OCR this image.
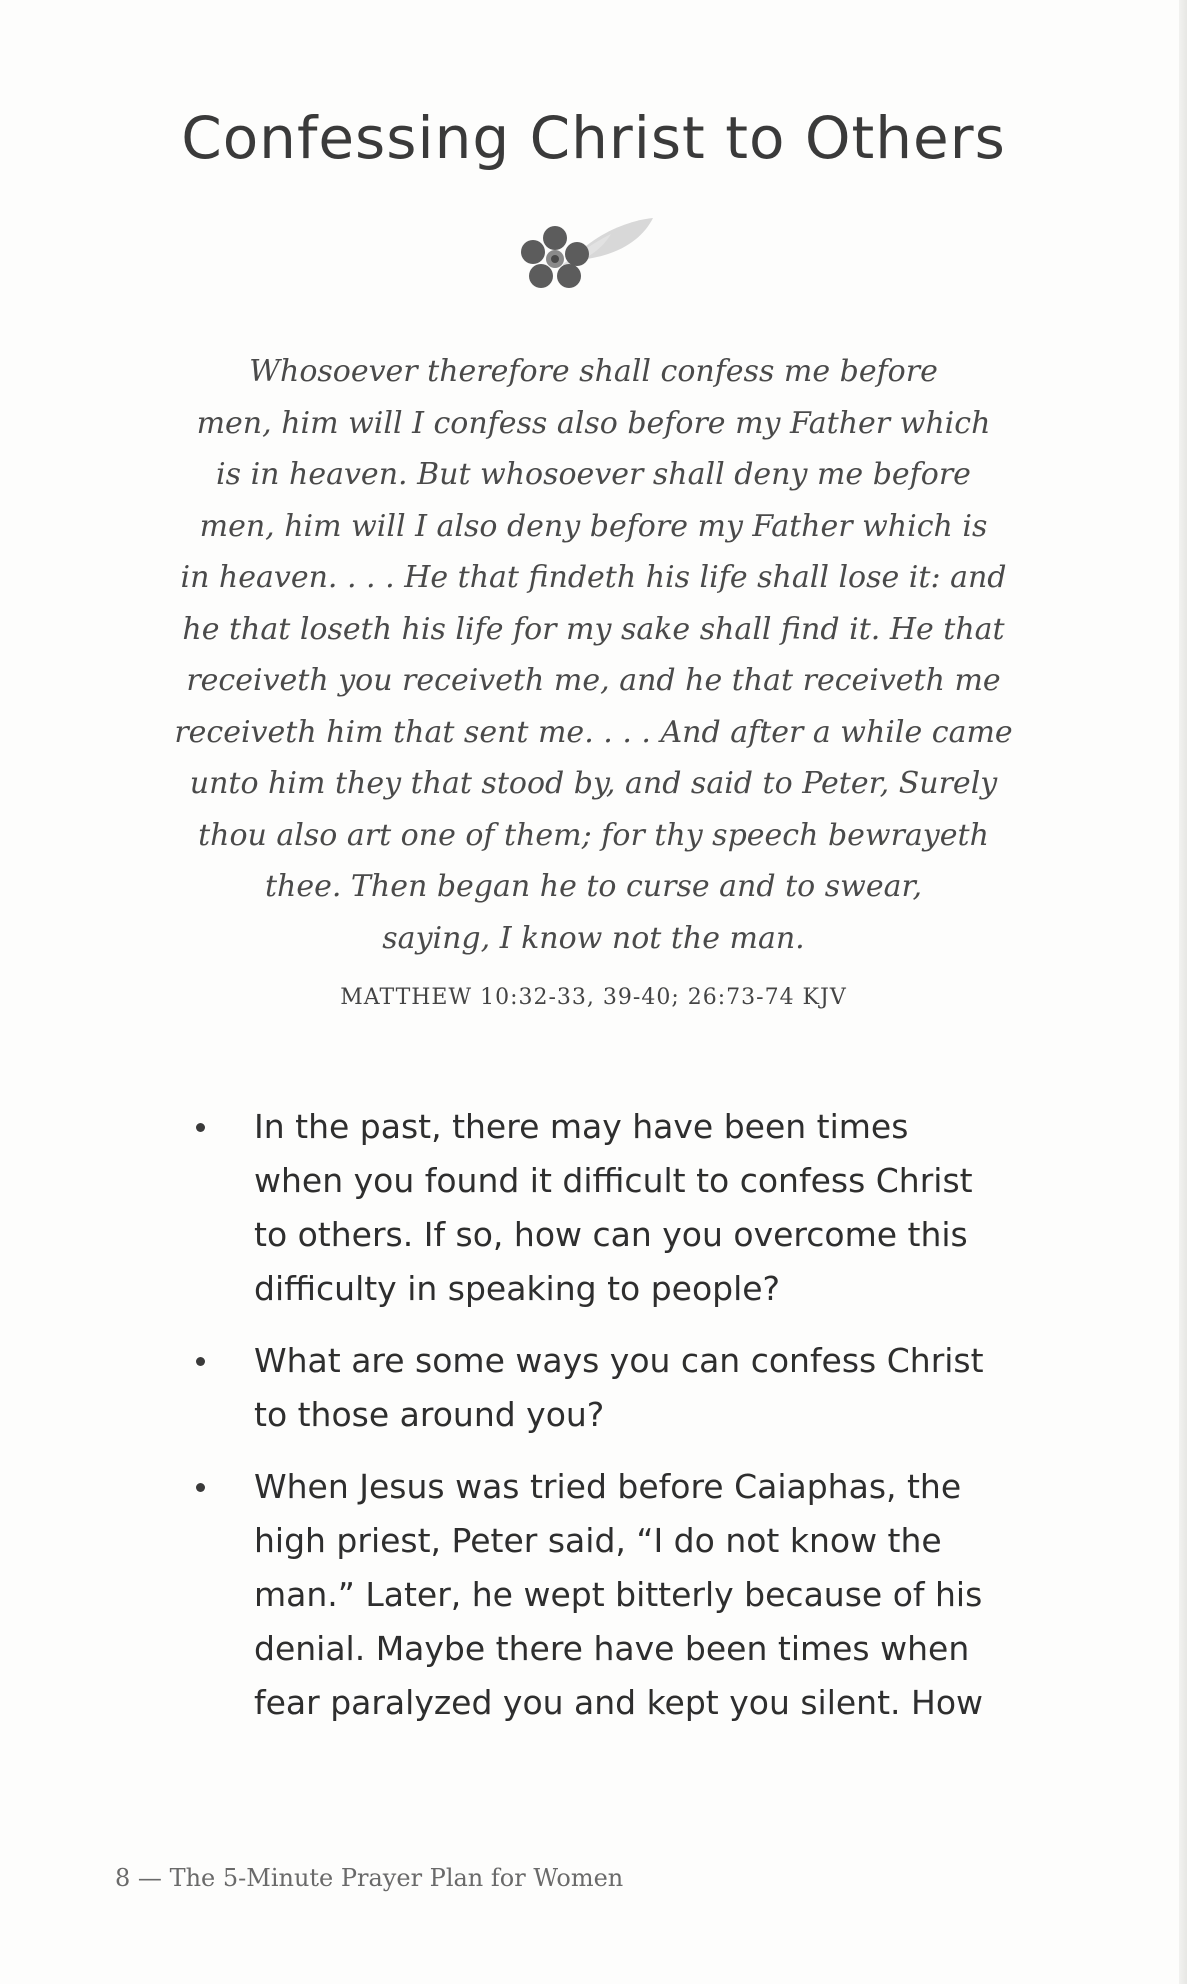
Confessing Christ to Others
Whosoever therefore shall confess me before
men, him will I confess also before my Father which
is in heaven. But whosoever shall deny me before
men, him will I also deny before my Father which is
in heaven. . . . He that findeth his life shall lose it: and
he that loseth his life for my sake shall find it. He that
receiveth you receiveth me, and he that receiveth me
receiveth him that sent me. . . . And after a while came
unto him they that stood by, and said to Peter, Surely
thou also art one of them; for thy speech bewrayeth
thee. Then began he to curse and to swear,
saying, I know not the man.

MATTHEW 10:32-33, 39-40; 26:73-74 KJV

In the past, there may have been times
when you found it difficult to confess Christ
to others. If so, how can you overcome this
difficulty in speaking to people?
What are some ways you can confess Christ
to those around you?
When Jesus was tried before Caiaphas, the
high priest, Peter said, “I do not know the
man.” Later, he wept bitterly because of his
denial. Maybe there have been times when
fear paralyzed you and kept you silent. How
8 — The 5-Minute Prayer Plan for Women
